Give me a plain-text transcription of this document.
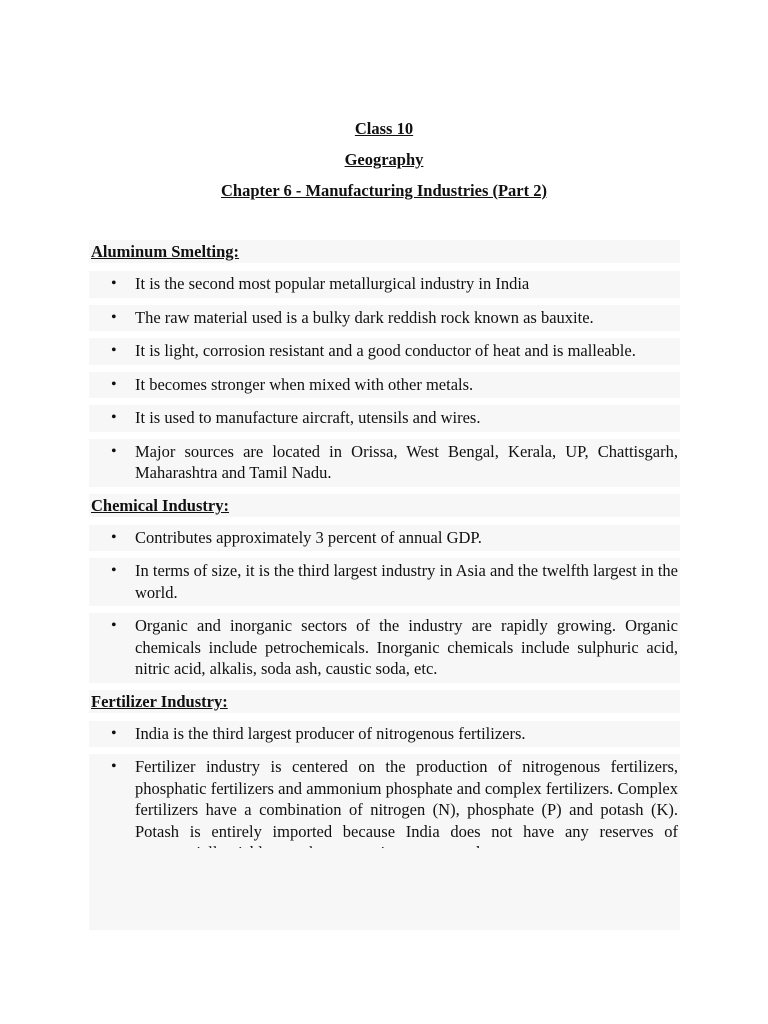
Class 10
Geography
Chapter 6 - Manufacturing Industries (Part 2)
Aluminum Smelting:
• It is the second most popular metallurgical industry in India
• The raw material used is a bulky dark reddish rock known as bauxite.
• It is light, corrosion resistant and a good conductor of heat and is malleable.
• It becomes stronger when mixed with other metals.
• It is used to manufacture aircraft, utensils and wires.
• Major sources are located in Orissa, West Bengal, Kerala, UP, Chattisgarh, Maharashtra and Tamil Nadu.
Chemical Industry:
• Contributes approximately 3 percent of annual GDP.
• In terms of size, it is the third largest industry in Asia and the twelfth largest in the world.
• Organic and inorganic sectors of the industry are rapidly growing. Organic chemicals include petrochemicals. Inorganic chemicals include sulphuric acid, nitric acid, alkalis, soda ash, caustic soda, etc.
Fertilizer Industry:
• India is the third largest producer of nitrogenous fertilizers.
• Fertilizer industry is centered on the production of nitrogenous fertilizers, phosphatic fertilizers and ammonium phosphate and complex fertilizers. Complex fertilizers have a combination of nitrogen (N), phosphate (P) and potash (K). Potash is entirely imported because India does not have any reserves of
